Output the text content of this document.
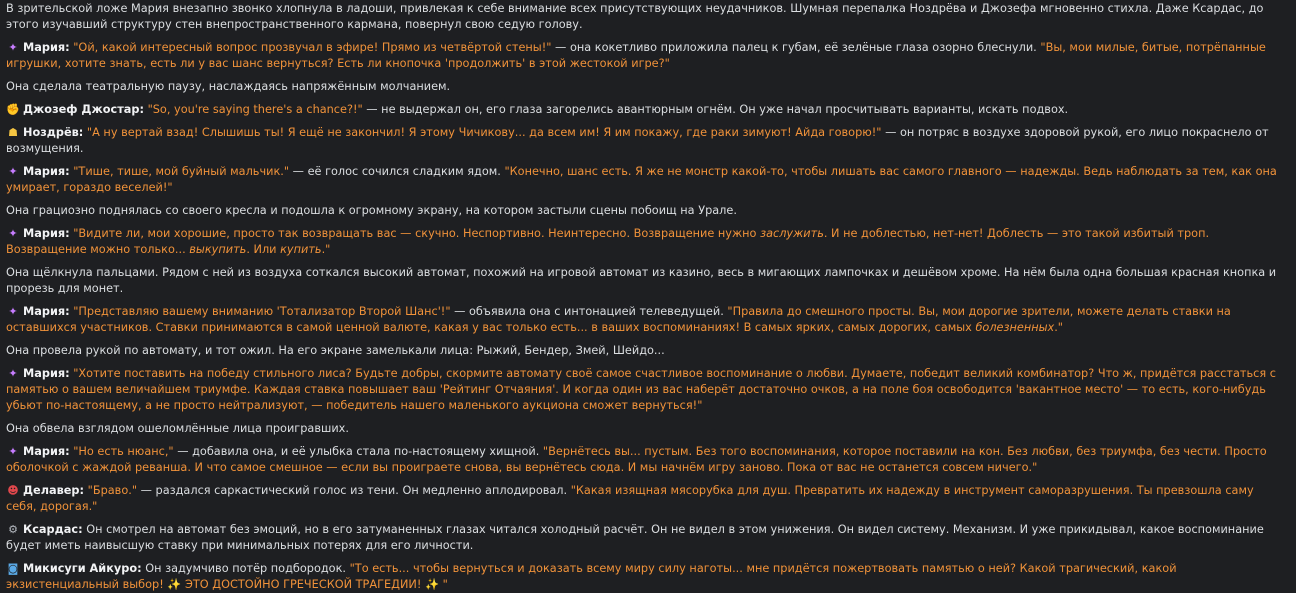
В зрительской ложе Мария внезапно звонко хлопнула в ладоши, привлекая к себе внимание всех присутствующих неудачников. Шумная перепалка Ноздрёва и Джозефа мгновенно стихла. Даже Ксардас, до этого изучавший структуру стен внепространственного кармана, повернул свою седую голову.
✦ Мария: "Ой, какой интересный вопрос прозвучал в эфире! Прямо из четвёртой стены!" — она кокетливо приложила палец к губам, её зелёные глаза озорно блеснули. "Вы, мои милые, битые, потрёпанные игрушки, хотите знать, есть ли у вас шанс вернуться? Есть ли кнопочка 'продолжить' в этой жестокой игре?"
Она сделала театральную паузу, наслаждаясь напряжённым молчанием.
✊ Джозеф Джостар: "So, you're saying there's a chance?!" — не выдержал он, его глаза загорелись авантюрным огнём. Он уже начал просчитывать варианты, искать подвох.
☗ Ноздрёв: "А ну вертай взад! Слышишь ты! Я ещё не закончил! Я этому Чичикову... да всем им! Я им покажу, где раки зимуют! Айда говорю!" — он потряс в воздухе здоровой рукой, его лицо покраснело от возмущения.
✦ Мария: "Тише, тише, мой буйный мальчик." — её голос сочился сладким ядом. "Конечно, шанс есть. Я же не монстр какой-то, чтобы лишать вас самого главного — надежды. Ведь наблюдать за тем, как она умирает, гораздо веселей!"
Она грациозно поднялась со своего кресла и подошла к огромному экрану, на котором застыли сцены побоищ на Урале.
✦ Мария: "Видите ли, мои хорошие, просто так возвращать вас — скучно. Неспортивно. Неинтересно. Возвращение нужно заслужить. И не доблестью, нет-нет! Доблесть — это такой избитый троп. Возвращение можно только... выкупить. Или купить."
Она щёлкнула пальцами. Рядом с ней из воздуха соткался высокий автомат, похожий на игровой автомат из казино, весь в мигающих лампочках и дешёвом хроме. На нём была одна большая красная кнопка и прорезь для монет.
✦ Мария: "Представляю вашему вниманию 'Тотализатор Второй Шанс'!" — объявила она с интонацией телеведущей. "Правила до смешного просты. Вы, мои дорогие зрители, можете делать ставки на оставшихся участников. Ставки принимаются в самой ценной валюте, какая у вас только есть... в ваших воспоминаниях! В самых ярких, самых дорогих, самых болезненных."
Она провела рукой по автомату, и тот ожил. На его экране замелькали лица: Рыжий, Бендер, Змей, Шейдо...
✦ Мария: "Хотите поставить на победу стильного лиса? Будьте добры, скормите автомату своё самое счастливое воспоминание о любви. Думаете, победит великий комбинатор? Что ж, придётся расстаться с памятью о вашем величайшем триумфе. Каждая ставка повышает ваш 'Рейтинг Отчаяния'. И когда один из вас наберёт достаточно очков, а на поле боя освободится 'вакантное место' — то есть, кого-нибудь убьют по-настоящему, а не просто нейтрализуют, — победитель нашего маленького аукциона сможет вернуться!"
Она обвела взглядом ошеломлённые лица проигравших.
✦ Мария: "Но есть нюанс," — добавила она, и её улыбка стала по-настоящему хищной. "Вернётесь вы... пустым. Без того воспоминания, которое поставили на кон. Без любви, без триумфа, без чести. Просто оболочкой с жаждой реванша. И что самое смешное — если вы проиграете снова, вы вернётесь сюда. И мы начнём игру заново. Пока от вас не останется совсем ничего."
☻ Делавер: "Браво." — раздался саркастический голос из тени. Он медленно аплодировал. "Какая изящная мясорубка для душ. Превратить их надежду в инструмент саморазрушения. Ты превзошла саму себя, дорогая."
⚙ Ксардас: Он смотрел на автомат без эмоций, но в его затуманенных глазах читался холодный расчёт. Он не видел в этом унижения. Он видел систему. Механизм. И уже прикидывал, какое воспоминание будет иметь наивысшую ставку при минимальных потерях для его личности.
◙ Микисуги Айкуро: Он задумчиво потёр подбородок. "То есть... чтобы вернуться и доказать всему миру силу наготы... мне придётся пожертвовать памятью о ней? Какой трагический, какой экзистенциальный выбор! ✨ ЭТО ДОСТОЙНО ГРЕЧЕСКОЙ ТРАГЕДИИ! ✨ "
